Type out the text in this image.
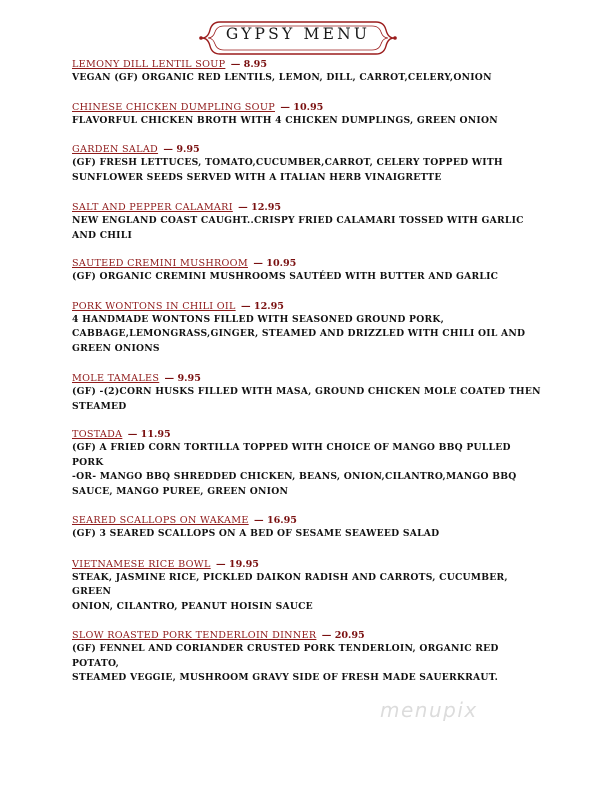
GYPSY MENU
LEMONY DILL LENTIL SOUP — 8.95
VEGAN (GF) ORGANIC RED LENTILS, LEMON, DILL, CARROT,CELERY,ONION
CHINESE CHICKEN DUMPLING SOUP — 10.95
FLAVORFUL CHICKEN BROTH WITH 4 CHICKEN DUMPLINGS, GREEN ONION
GARDEN SALAD — 9.95
(GF) FRESH LETTUCES, TOMATO,CUCUMBER,CARROT, CELERY TOPPED WITH
SUNFLOWER SEEDS SERVED WITH A ITALIAN HERB VINAIGRETTE
SALT AND PEPPER CALAMARI — 12.95
NEW ENGLAND COAST CAUGHT..CRISPY FRIED CALAMARI TOSSED WITH GARLIC
AND CHILI
SAUTEED CREMINI MUSHROOM — 10.95
(GF) ORGANIC CREMINI MUSHROOMS SAUTÉED WITH BUTTER AND GARLIC
PORK WONTONS IN CHILI OIL — 12.95
4 HANDMADE WONTONS FILLED WITH SEASONED GROUND PORK,
CABBAGE,LEMONGRASS,GINGER, STEAMED AND DRIZZLED WITH CHILI OIL AND
GREEN ONIONS
MOLE TAMALES — 9.95
(GF) -(2)CORN HUSKS FILLED WITH MASA, GROUND CHICKEN MOLE COATED THEN
STEAMED
TOSTADA — 11.95
(GF) A FRIED CORN TORTILLA TOPPED WITH CHOICE OF MANGO BBQ PULLED PORK
-OR- MANGO BBQ SHREDDED CHICKEN, BEANS, ONION,CILANTRO,MANGO BBQ
SAUCE, MANGO PUREE, GREEN ONION
SEARED SCALLOPS ON WAKAME — 16.95
(GF) 3 SEARED SCALLOPS ON A BED OF SESAME SEAWEED SALAD
VIETNAMESE RICE BOWL — 19.95
STEAK, JASMINE RICE, PICKLED DAIKON RADISH AND CARROTS, CUCUMBER, GREEN
ONION, CILANTRO, PEANUT HOISIN SAUCE
SLOW ROASTED PORK TENDERLOIN DINNER — 20.95
(GF) FENNEL AND CORIANDER CRUSTED PORK TENDERLOIN, ORGANIC RED POTATO,
STEAMED VEGGIE, MUSHROOM GRAVY SIDE OF FRESH MADE SAUERKRAUT.
menupix
